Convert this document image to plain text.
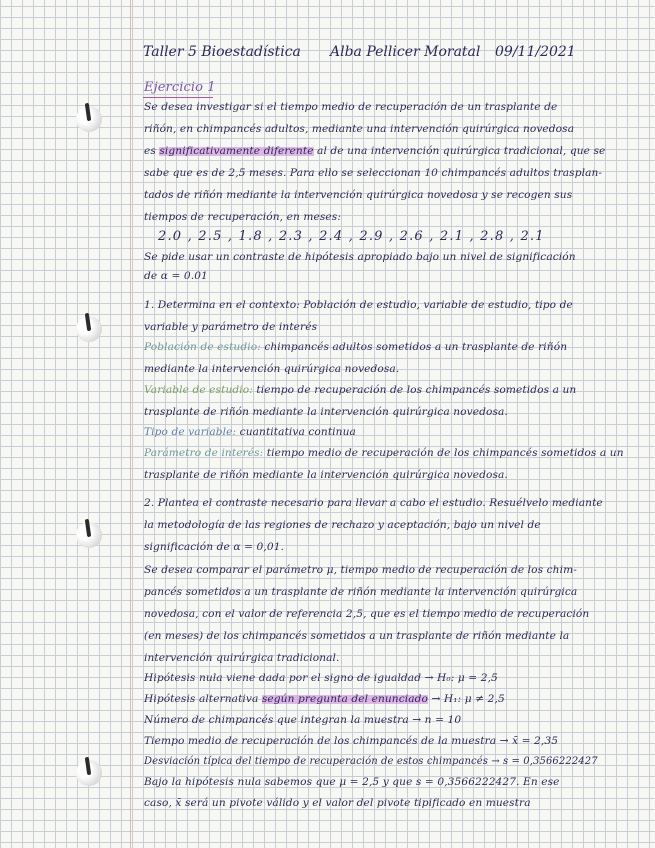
Taller 5 Bioestadística Alba Pellicer Moratal 09/11/2021
Ejercicio 1
Se desea investigar si el tiempo medio de recuperación de un trasplante de
riñón, en chimpancés adultos, mediante una intervención quirúrgica novedosa
es significativamente diferente al de una intervención quirúrgica tradicional, que se
sabe que es de 2,5 meses. Para ello se seleccionan 10 chimpancés adultos trasplan-
tados de riñón mediante la intervención quirúrgica novedosa y se recogen sus
tiempos de recuperación, en meses:
2.0 , 2.5 , 1.8 , 2.3 , 2.4 , 2.9 , 2.6 , 2.1 , 2.8 , 2.1
Se pide usar un contraste de hipótesis apropiado bajo un nivel de significación
de α = 0.01
1. Determina en el contexto: Población de estudio, variable de estudio, tipo de
variable y parámetro de interés
Población de estudio: chimpancés adultos sometidos a un trasplante de riñón
mediante la intervención quirúrgica novedosa.
Variable de estudio: tiempo de recuperación de los chimpancés sometidos a un
trasplante de riñón mediante la intervención quirúrgica novedosa.
Tipo de variable: cuantitativa continua
Parámetro de interés: tiempo medio de recuperación de los chimpancés sometidos a un
trasplante de riñón mediante la intervención quirúrgica novedosa.
2. Plantea el contraste necesario para llevar a cabo el estudio. Resuélvelo mediante
la metodología de las regiones de rechazo y aceptación, bajo un nivel de
significación de α = 0,01.
Se desea comparar el parámetro μ, tiempo medio de recuperación de los chim-
pancés sometidos a un trasplante de riñón mediante la intervención quirúrgica
novedosa, con el valor de referencia 2,5, que es el tiempo medio de recuperación
(en meses) de los chimpancés sometidos a un trasplante de riñón mediante la
intervención quirúrgica tradicional.
Hipótesis nula viene dada por el signo de igualdad → H₀: μ = 2,5
Hipótesis alternativa según pregunta del enunciado → H₁: μ ≠ 2,5
Número de chimpancés que integran la muestra → n = 10
Tiempo medio de recuperación de los chimpancés de la muestra → x̄ = 2,35
Desviación típica del tiempo de recuperación de estos chimpancés → s = 0,3566222427
Bajo la hipótesis nula sabemos que μ = 2,5 y que s = 0,3566222427. En ese
caso, x̄ será un pivote válido y el valor del pivote tipificado en muestra
